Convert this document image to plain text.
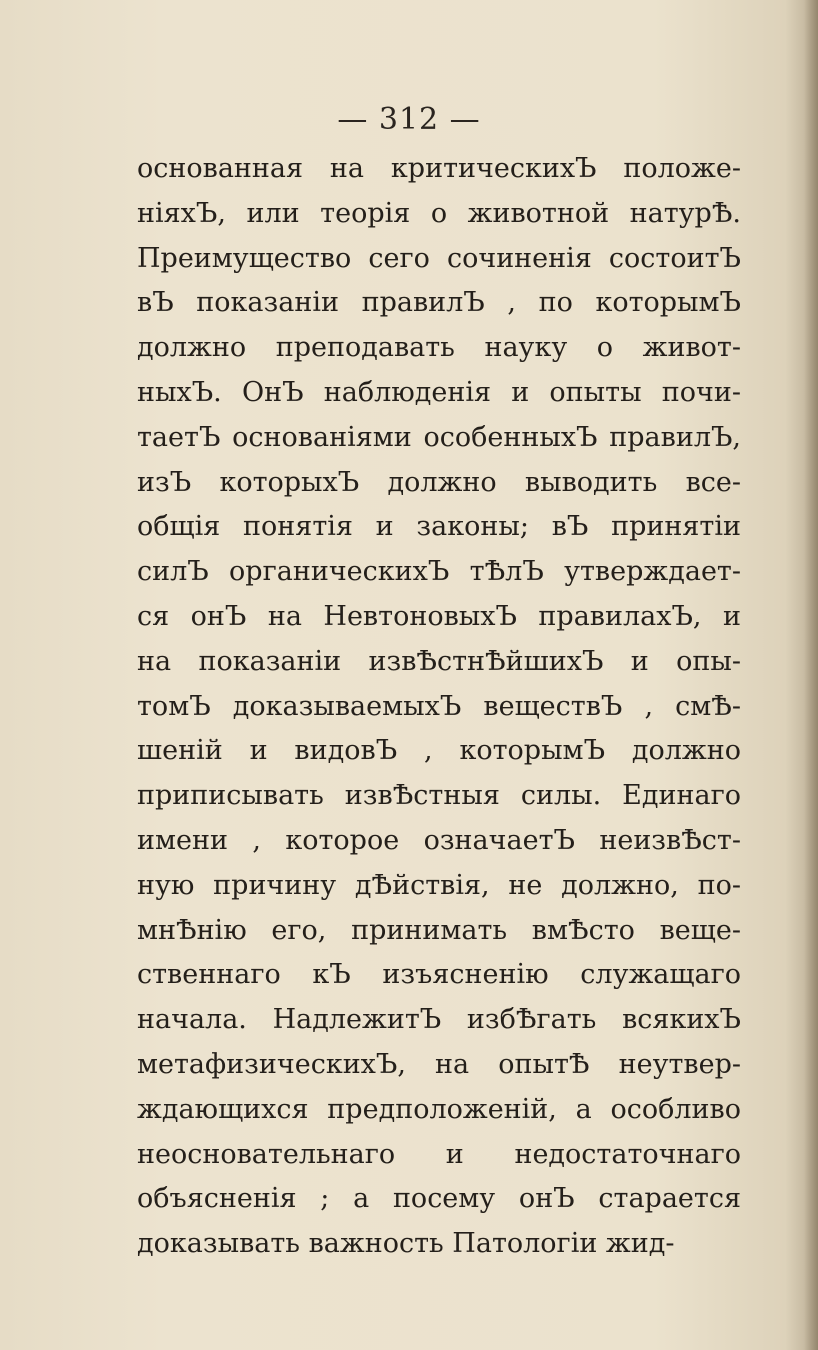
— 312 —
основанная на критическихЪ положе-
нiяхЪ, или теорiя о животной натурѢ.
Преимущество сего сочиненiя состоитЪ
вЪ показанiи правилЪ , по которымЪ
должно преподавать науку о живот-
ныхЪ. ОнЪ наблюденiя и опыты почи-
таетЪ основанiями особенныхЪ правилЪ,
изЪ которыхЪ должно выводить все-
общiя понятiя и законы; вЪ принятiи
силЪ органическихЪ тѢлЪ утверждает-
ся онЪ на НевтоновыхЪ правилахЪ, и
на показанiи извѢстнѢйшихЪ и опы-
томЪ доказываемыхЪ веществЪ , смѢ-
шенiй и видовЪ , которымЪ должно
приписывать извѢстныя силы. Единаго
имени , которое означаетЪ неизвѢст-
ную причину дѢйствiя, не должно, по-
мнѢнiю его, принимать вмѢсто веще-
ственнаго кЪ изъясненiю служащаго
начала. НадлежитЪ избѢгать всякихЪ
метафизическихЪ, на опытѢ неутвер-
ждающихся предположенiй, а особливо
неосновательнаго и недостаточнаго
объясненiя ; а посему онЪ старается
доказывать важность Патологiи жид-
